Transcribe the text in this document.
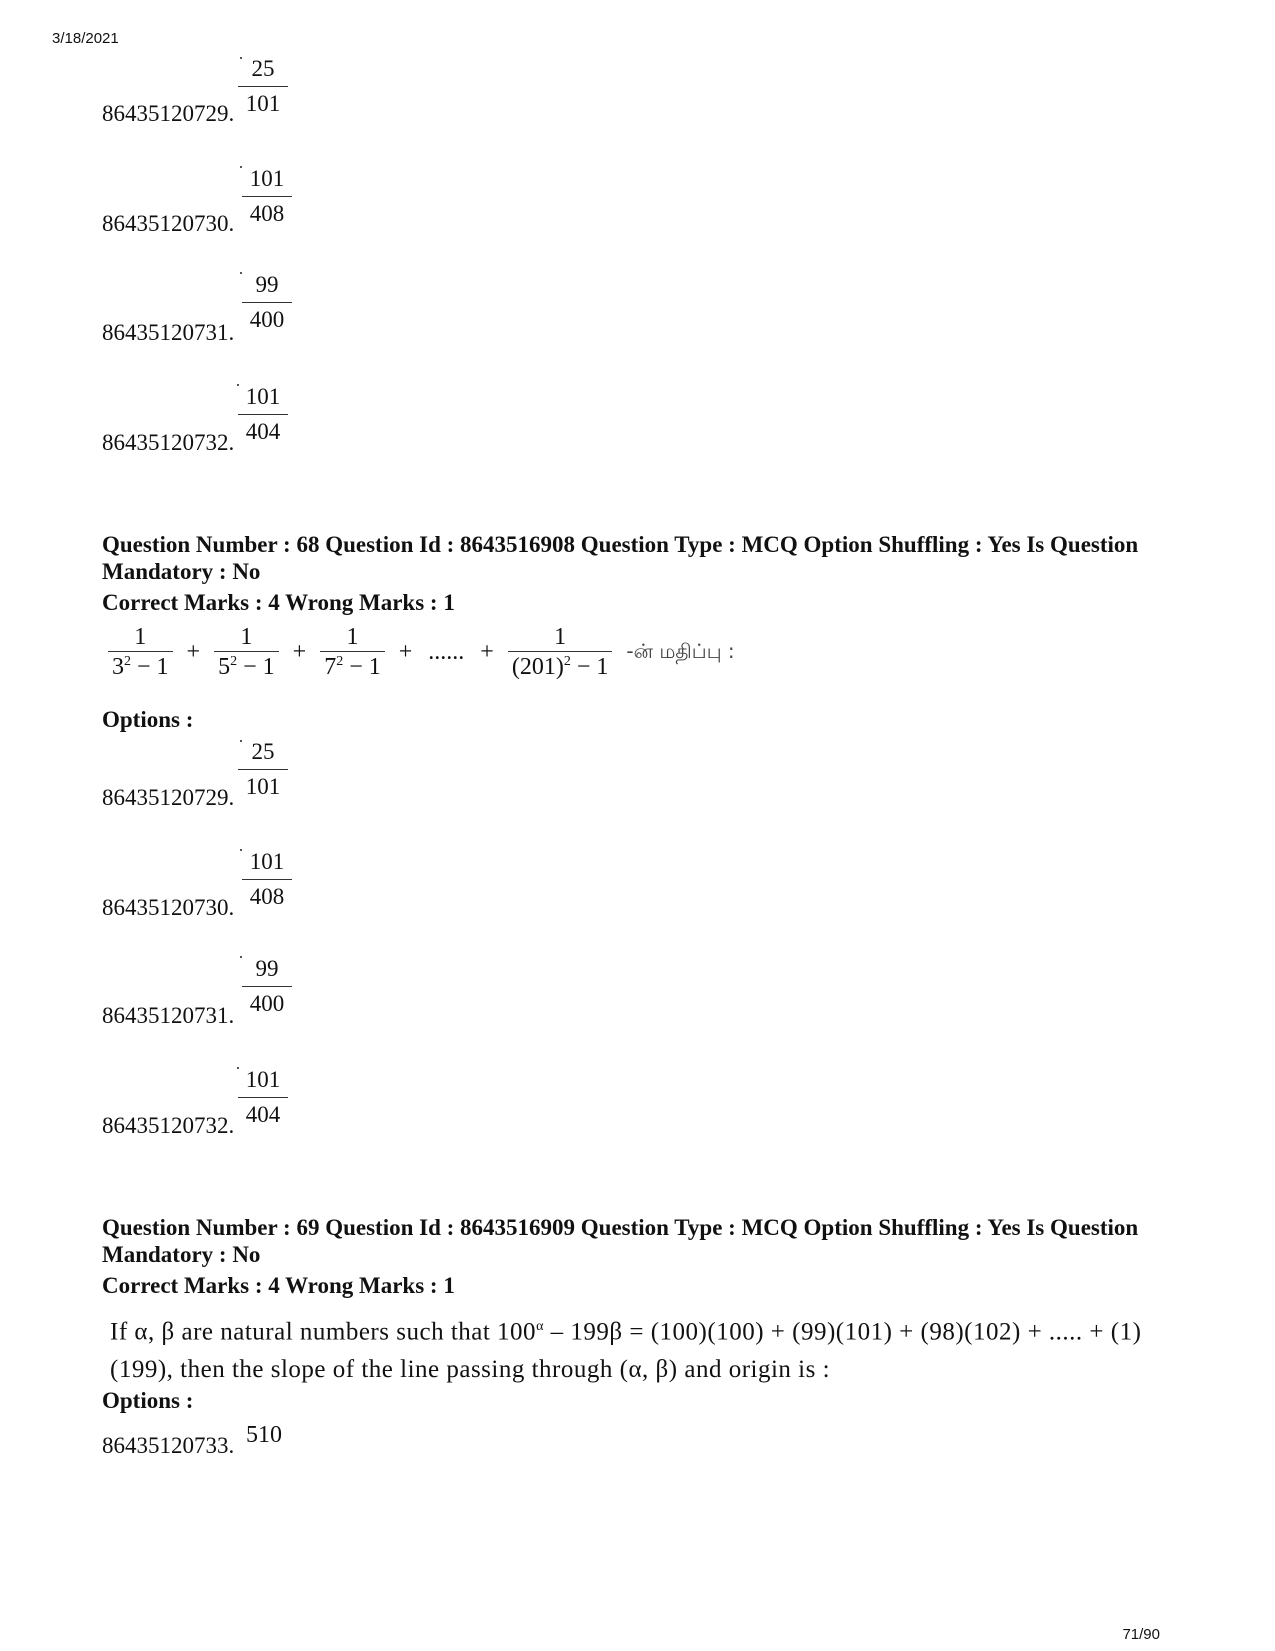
3/18/2021
25
101
86435120729.
101
408
86435120730.
99
400
86435120731.
101
404
86435120732.
Question Number : 68 Question Id : 8643516908 Question Type : MCQ Option Shuffling : Yes Is Question Mandatory : No
Correct Marks : 4 Wrong Marks : 1
$\frac{1}{3^2 - 1} + \frac{1}{5^2 - 1} + \frac{1}{7^2 - 1}$ + ...... + $\frac{1}{(201)^2 - 1}$ -ன் மதிப்பு :
Options :
25
101
86435120729.
101
408
86435120730.
99
400
86435120731.
101
404
86435120732.
Question Number : 69 Question Id : 8643516909 Question Type : MCQ Option Shuffling : Yes Is Question Mandatory : No
Correct Marks : 4 Wrong Marks : 1
If α, β are natural numbers such that $100^\alpha - 199\beta = (100)(100) + (99)(101) + (98)(102)$ + ..... + (1)(199), then the slope of the line passing through (α, β) and origin is :
Options :
510
86435120733.
71/90
